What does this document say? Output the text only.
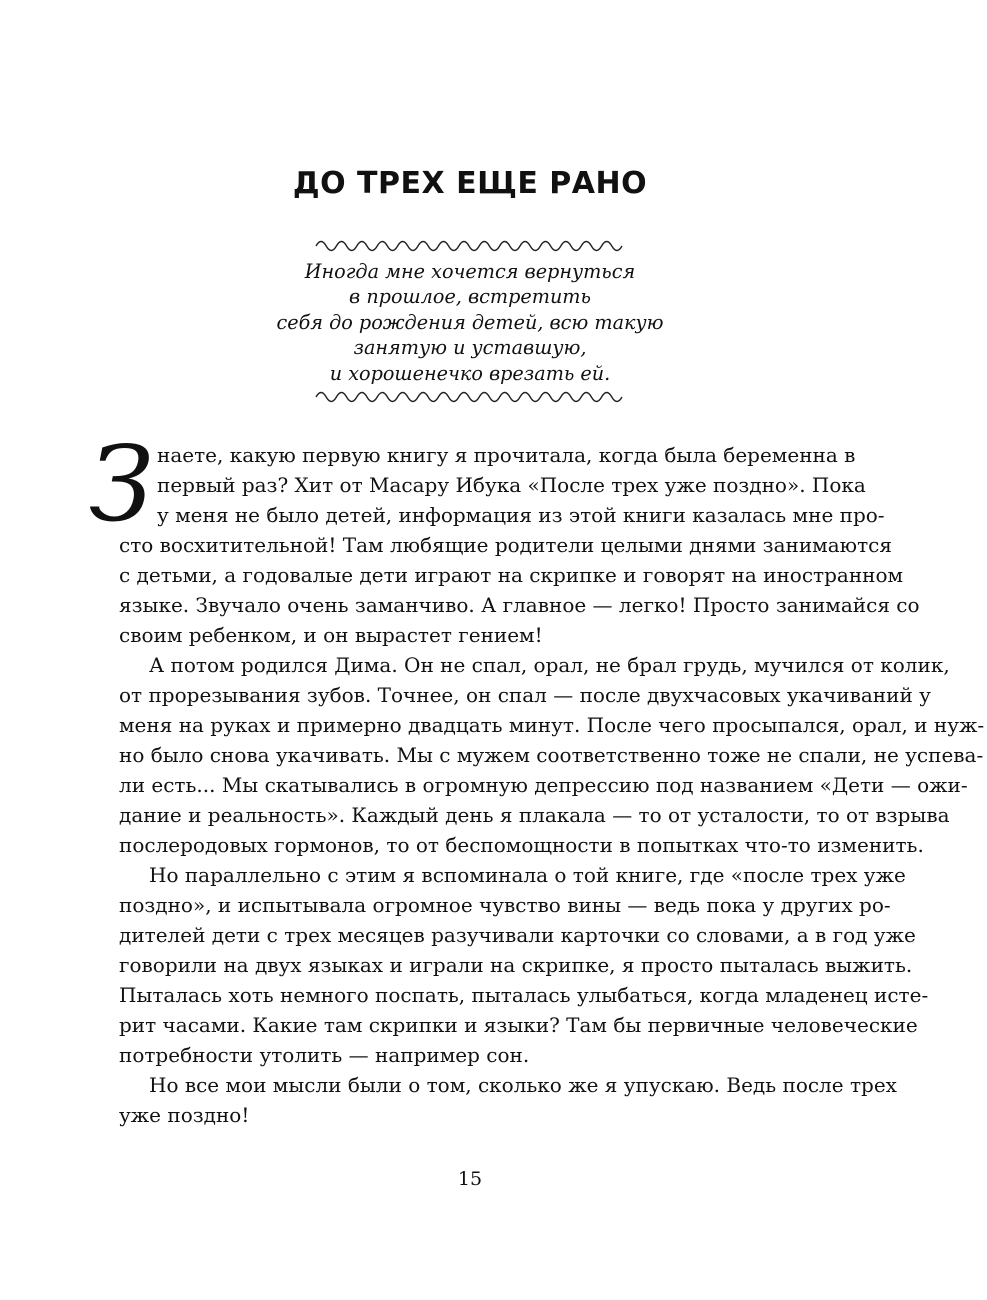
ДО ТРЕХ ЕЩЕ РАНО
Иногда мне хочется вернуться
в прошлое, встретить
себя до рождения детей, всю такую
занятую и уставшую,
и хорошенечко врезать ей.
З наете, какую первую книгу я прочитала, когда была беременна в
первый раз? Хит от Масару Ибука «После трех уже поздно». Пока
у меня не было детей, информация из этой книги казалась мне про-
сто восхитительной! Там любящие родители целыми днями занимаются
с детьми, а годовалые дети играют на скрипке и говорят на иностранном
языке. Звучало очень заманчиво. А главное — легко! Просто занимайся со
своим ребенком, и он вырастет гением!
А потом родился Дима. Он не спал, орал, не брал грудь, мучился от колик,
от прорезывания зубов. Точнее, он спал — после двухчасовых укачиваний у
меня на руках и примерно двадцать минут. После чего просыпался, орал, и нуж-
но было снова укачивать. Мы с мужем соответственно тоже не спали, не успева-
ли есть... Мы скатывались в огромную депрессию под названием «Дети — ожи-
дание и реальность». Каждый день я плакала — то от усталости, то от взрыва
послеродовых гормонов, то от беспомощности в попытках что-то изменить.
Но параллельно с этим я вспоминала о той книге, где «после трех уже
поздно», и испытывала огромное чувство вины — ведь пока у других ро-
дителей дети с трех месяцев разучивали карточки со словами, а в год уже
говорили на двух языках и играли на скрипке, я просто пыталась выжить.
Пыталась хоть немного поспать, пыталась улыбаться, когда младенец исте-
рит часами. Какие там скрипки и языки? Там бы первичные человеческие
потребности утолить — например сон.
Но все мои мысли были о том, сколько же я упускаю. Ведь после трех
уже поздно!
15
